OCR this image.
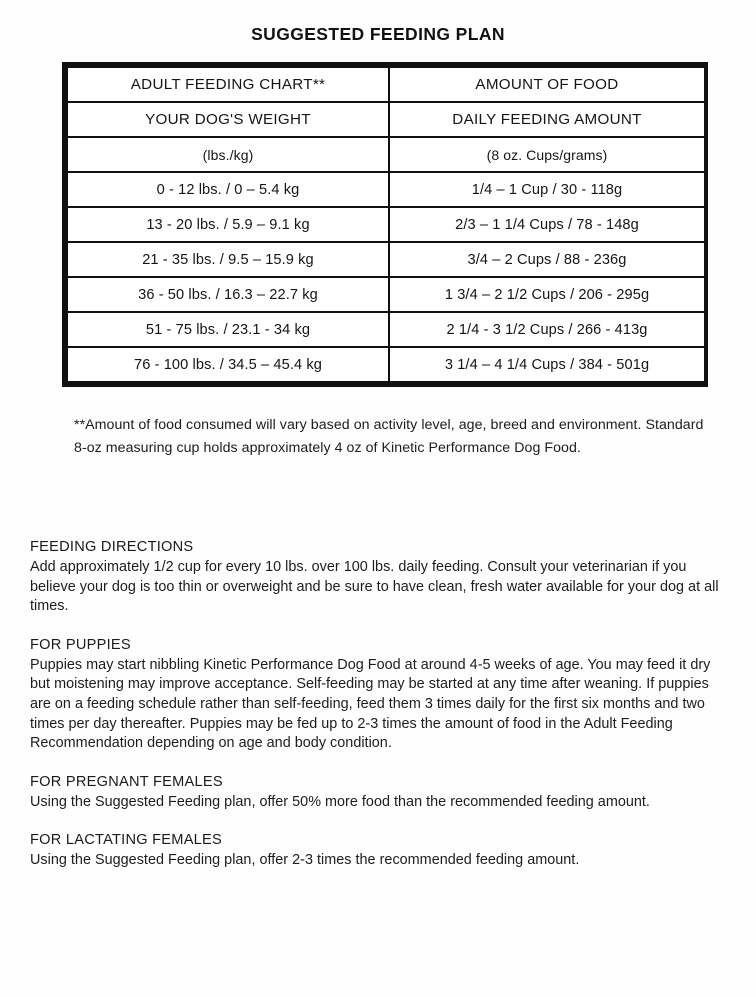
SUGGESTED FEEDING PLAN
ADULT FEEDING CHART**	AMOUNT OF FOOD
YOUR DOG'S WEIGHT	DAILY FEEDING AMOUNT
(lbs./kg)	(8 oz. Cups/grams)
0 - 12 lbs. / 0 – 5.4 kg	1/4 – 1 Cup / 30 - 118g
13 - 20 lbs. / 5.9 – 9.1 kg	2/3 – 1 1/4 Cups / 78 - 148g
21 - 35 lbs. / 9.5 – 15.9 kg	3/4 – 2 Cups / 88 - 236g
36 - 50 lbs. / 16.3 – 22.7 kg	1 3/4 – 2 1/2 Cups / 206 - 295g
51 - 75 lbs. / 23.1 - 34 kg	2 1/4 - 3 1/2 Cups / 266 - 413g
76 - 100 lbs. / 34.5 – 45.4 kg	3 1/4 – 4 1/4 Cups / 384 - 501g
**Amount of food consumed will vary based on activity level, age, breed and environment. Standard 8-oz measuring cup holds approximately 4 oz of Kinetic Performance Dog Food.
FEEDING DIRECTIONS

Add approximately 1/2 cup for every 10 lbs. over 100 lbs. daily feeding. Consult your veterinarian if you believe your dog is too thin or overweight and be sure to have clean, fresh water available for your dog at all times.

FOR PUPPIES

Puppies may start nibbling Kinetic Performance Dog Food at around 4-5 weeks of age. You may feed it dry but moistening may improve acceptance. Self-feeding may be started at any time after weaning. If puppies are on a feeding schedule rather than self-feeding, feed them 3 times daily for the first six months and two times per day thereafter. Puppies may be fed up to 2-3 times the amount of food in the Adult Feeding Recommendation depending on age and body condition.

FOR PREGNANT FEMALES

Using the Suggested Feeding plan, offer 50% more food than the recommended feeding amount.

FOR LACTATING FEMALES

Using the Suggested Feeding plan, offer 2-3 times the recommended feeding amount.
